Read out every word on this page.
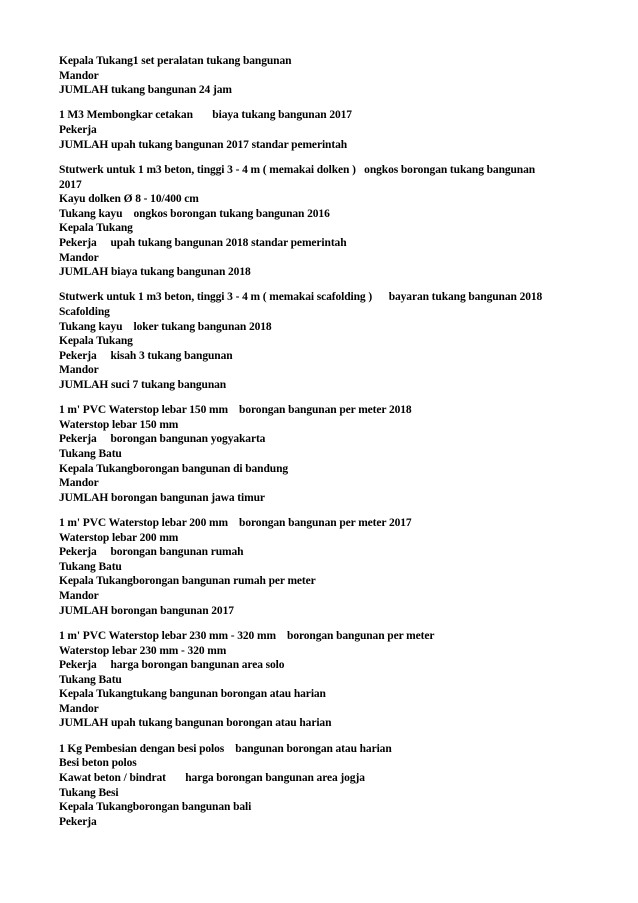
Kepala Tukang1 set peralatan tukang bangunan
Mandor
JUMLAH tukang bangunan 24 jam
1 M3 Membongkar cetakan       biaya tukang bangunan 2017
Pekerja
JUMLAH upah tukang bangunan 2017 standar pemerintah
Stutwerk untuk 1 m3 beton, tinggi 3 - 4 m ( memakai dolken )   ongkos borongan tukang bangunan
2017
Kayu dolken Ø 8 - 10/400 cm
Tukang kayu    ongkos borongan tukang bangunan 2016
Kepala Tukang
Pekerja     upah tukang bangunan 2018 standar pemerintah
Mandor
JUMLAH biaya tukang bangunan 2018
Stutwerk untuk 1 m3 beton, tinggi 3 - 4 m ( memakai scafolding )      bayaran tukang bangunan 2018
Scafolding
Tukang kayu    loker tukang bangunan 2018
Kepala Tukang
Pekerja     kisah 3 tukang bangunan
Mandor
JUMLAH suci 7 tukang bangunan
1 m' PVC Waterstop lebar 150 mm    borongan bangunan per meter 2018
Waterstop lebar 150 mm
Pekerja     borongan bangunan yogyakarta
Tukang Batu
Kepala Tukangborongan bangunan di bandung
Mandor
JUMLAH borongan bangunan jawa timur
1 m' PVC Waterstop lebar 200 mm    borongan bangunan per meter 2017
Waterstop lebar 200 mm
Pekerja     borongan bangunan rumah
Tukang Batu
Kepala Tukangborongan bangunan rumah per meter
Mandor
JUMLAH borongan bangunan 2017
1 m' PVC Waterstop lebar 230 mm - 320 mm    borongan bangunan per meter
Waterstop lebar 230 mm - 320 mm
Pekerja     harga borongan bangunan area solo
Tukang Batu
Kepala Tukangtukang bangunan borongan atau harian
Mandor
JUMLAH upah tukang bangunan borongan atau harian
1 Kg Pembesian dengan besi polos    bangunan borongan atau harian
Besi beton polos
Kawat beton / bindrat       harga borongan bangunan area jogja
Tukang Besi
Kepala Tukangborongan bangunan bali
Pekerja
